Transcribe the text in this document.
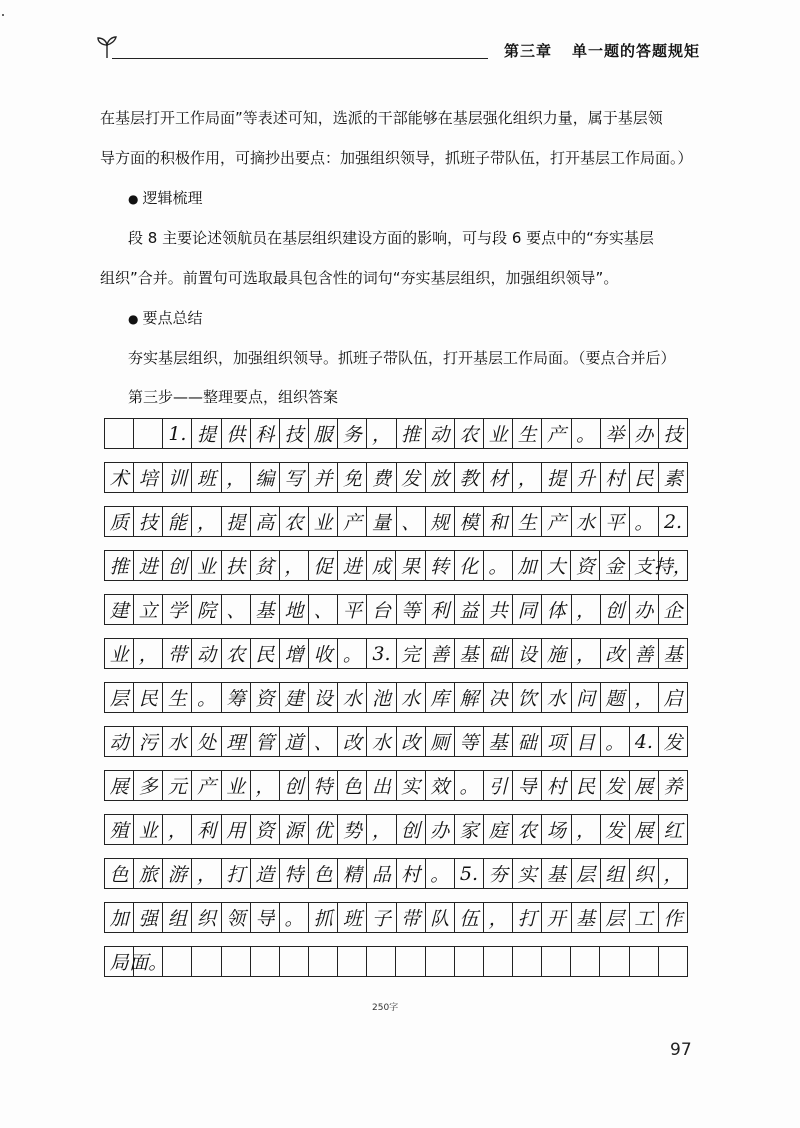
第三章 单一题的答题规矩
在基层打开工作局面”等表述可知，选派的干部能够在基层强化组织力量，属于基层领
导方面的积极作用，可摘抄出要点：加强组织领导，抓班子带队伍，打开基层工作局面。）
● 逻辑梳理
段 8 主要论述领航员在基层组织建设方面的影响，可与段 6 要点中的“夯实基层
组织”合并。前置句可选取最具包含性的词句“夯实基层组织，加强组织领导”。
● 要点总结
夯实基层组织，加强组织领导。抓班子带队伍，打开基层工作局面。（要点合并后）
第三步——整理要点，组织答案
1. 提 供 科 技 服 务 ， 推 动 农 业 生 产 。 举 办 技
术 培 训 班 ， 编 写 并 免 费 发 放 教 材 ， 提 升 村 民 素
质 技 能 ， 提 高 农 业 产 量 、 规 模 和 生 产 水 平 。 2.
推 进 创 业 扶 贫 ， 促 进 成 果 转 化 。 加 大 资 金 支 持，
建 立 学 院 、 基 地 、 平 台 等 利 益 共 同 体 ， 创 办 企
业 ， 带 动 农 民 增 收 。 3. 完 善 基 础 设 施 ， 改 善 基
层 民 生 。 筹 资 建 设 水 池 水 库 解 决 饮 水 问 题 ， 启
动 污 水 处 理 管 道 、 改 水 改 厕 等 基 础 项 目 。 4. 发
展 多 元 产 业 ， 创 特 色 出 实 效 。 引 导 村 民 发 展 养
殖 业 ， 利 用 资 源 优 势 ， 创 办 家 庭 农 场 ， 发 展 红
色 旅 游 ， 打 造 特 色 精 品 村 。 5. 夯 实 基 层 组 织 ，
加 强 组 织 领 导 。 抓 班 子 带 队 伍 ， 打 开 基 层 工 作
局 面。
250字
97
